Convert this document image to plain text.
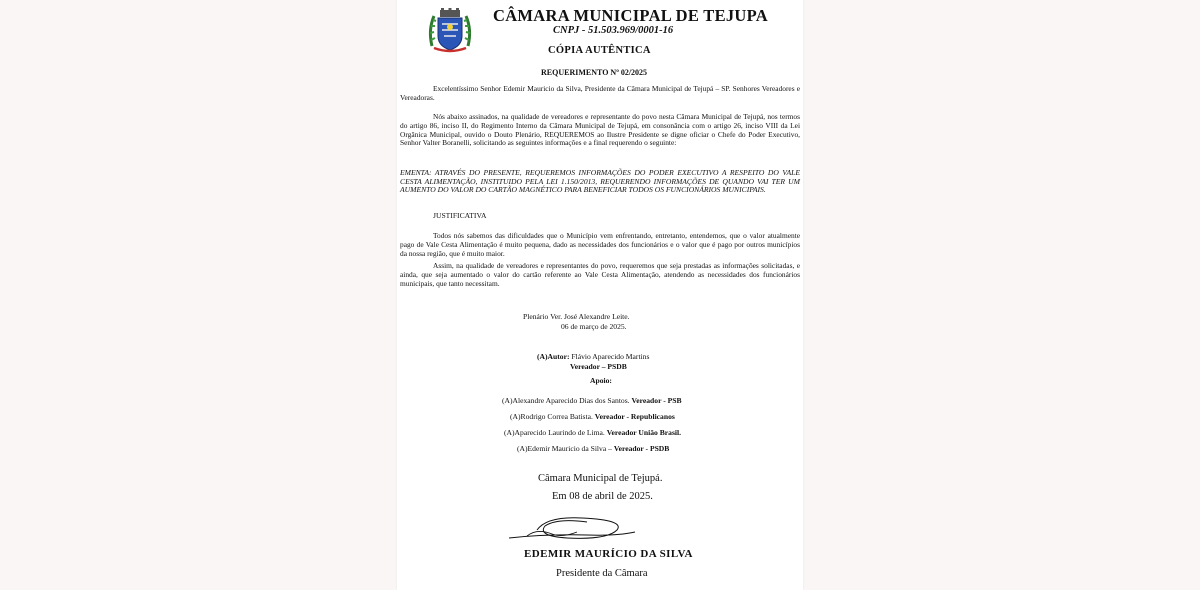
CÂMARA MUNICIPAL DE TEJUPA
CNPJ - 51.503.969/0001-16
CÓPIA AUTÊNTICA
REQUERIMENTO Nº 02/2025
Excelentíssimo Senhor Edemir Mauricio da Silva, Presidente da Câmara Municipal de Tejupá – SP. Senhores Vereadores e Vereadoras.
Nós abaixo assinados, na qualidade de vereadores e representante do povo nesta Câmara Municipal de Tejupá, nos termos do artigo 86, inciso II, do Regimento Interno da Câmara Municipal de Tejupá, em consonância com o artigo 26, inciso VIII da Lei Orgânica Municipal, ouvido o Douto Plenário, REQUEREMOS ao Ilustre Presidente se digne oficiar o Chefe do Poder Executivo, Senhor Valter Boranelli, solicitando as seguintes informações e a final requerendo o seguinte:
EMENTA: ATRAVÉS DO PRESENTE, REQUEREMOS INFORMAÇÕES DO PODER EXECUTIVO A RESPEITO DO VALE CESTA ALIMENTAÇÃO, INSTITUIDO PELA LEI 1.150/2013, REQUERENDO INFORMAÇÕES DE QUANDO VAI TER UM AUMENTO DO VALOR DO CARTÃO MAGNÉTICO PARA BENEFICIAR TODOS OS FUNCIONÁRIOS MUNICIPAIS.
JUSTIFICATIVA
Todos nós sabemos das dificuldades que o Município vem enfrentando, entretanto, entendemos, que o valor atualmente pago de Vale Cesta Alimentação é muito pequena, dado as necessidades dos funcionários e o valor que é pago por outros municípios da nossa região, que é muito maior.
Assim, na qualidade de vereadores e representantes do povo, requeremos que seja prestadas as informações solicitadas, e ainda, que seja aumentado o valor do cartão referente ao Vale Cesta Alimentação, atendendo as necessidades dos funcionários municipais, que tanto necessitam.
Plenário Ver. José Alexandre Leite.
06 de março de 2025.
(A)Autor: Flávio Aparecido Martins
Vereador – PSDB
Apoio:
(A)Alexandre Aparecido Dias dos Santos. Vereador - PSB
(A)Rodrigo Correa Batista. Vereador - Republicanos
(A)Aparecido Laurindo de Lima. Vereador União Brasil.
(A)Edemir Mauricio da Silva – Vereador - PSDB
Câmara Municipal de Tejupá.
Em 08 de abril de 2025.
EDEMIR MAURÍCIO DA SILVA
Presidente da Câmara
